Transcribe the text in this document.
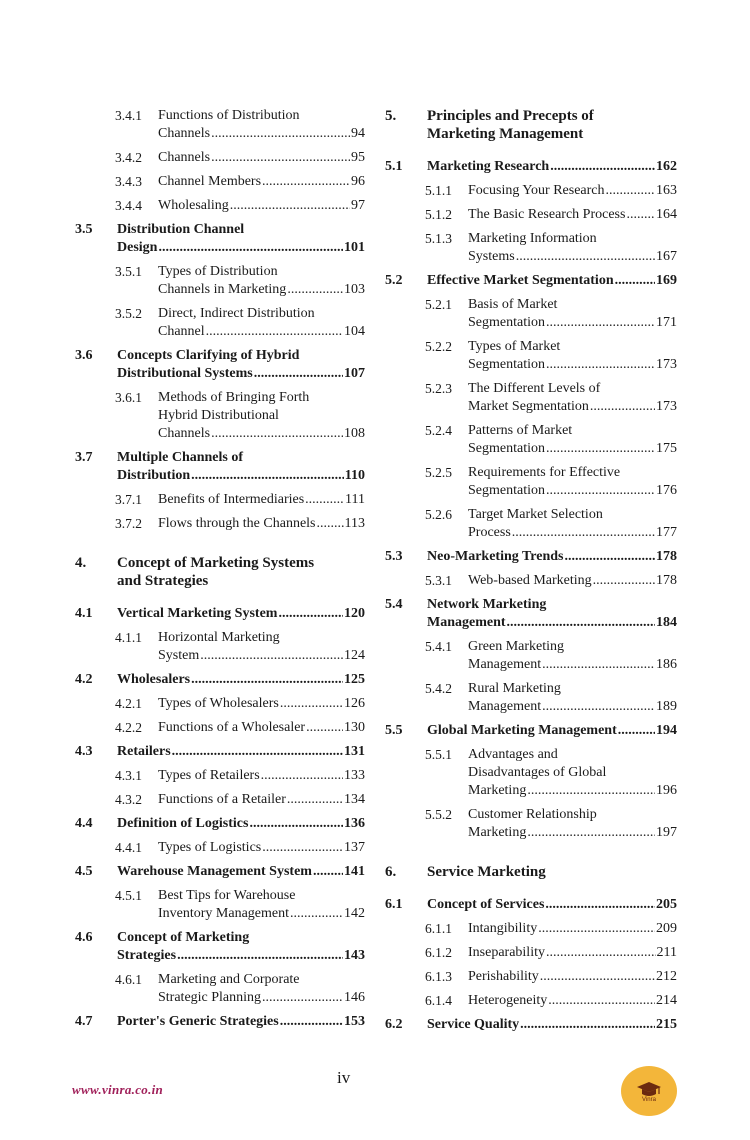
3.4.1 Functions of Distribution
Channels .....	94
3.4.2 Channels .....	95
3.4.3 Channel Members .....	96
3.4.4 Wholesaling .....	97
3.5 Distribution Channel
Design .....	101
3.5.1 Types of Distribution
Channels in Marketing .....	103
3.5.2 Direct, Indirect Distribution
Channel .....	104
3.6 Concepts Clarifying of Hybrid
Distributional Systems .....	107
3.6.1 Methods of Bringing Forth
Hybrid Distributional
Channels .....	108
3.7 Multiple Channels of
Distribution .....	110
3.7.1 Benefits of Intermediaries .....	111
3.7.2 Flows through the Channels ..... 113
4. Concept of Marketing Systems
and Strategies
4.1 Vertical Marketing System .....	120
4.1.1 Horizontal Marketing
System .....	124
4.2 Wholesalers .....	125
4.2.1 Types of Wholesalers .....	126
4.2.2 Functions of a Wholesaler .....	130
4.3 Retailers .....	131
4.3.1 Types of Retailers .....	133
4.3.2 Functions of a Retailer .....	134
4.4 Definition of Logistics .....	136
4.4.1 Types of Logistics .....	137
4.5 Warehouse Management System ..... 141
4.5.1 Best Tips for Warehouse
Inventory Management .....	142
4.6 Concept of Marketing
Strategies .....	143
4.6.1 Marketing and Corporate
Strategic Planning .....	146
4.7 Porter's Generic Strategies .....	153
5. Principles and Precepts of
Marketing Management
5.1 Marketing Research .....	162
5.1.1 Focusing Your Research .....	163
5.1.2 The Basic Research Process ..... 164
5.1.3 Marketing Information
Systems .....	167
5.2 Effective Market Segmentation .....	169
5.2.1 Basis of Market
Segmentation .....	171
5.2.2 Types of Market
Segmentation .....	173
5.2.3 The Different Levels of
Market Segmentation .....	173
5.2.4 Patterns of Market
Segmentation .....	175
5.2.5 Requirements for Effective
Segmentation .....	176
5.2.6 Target Market Selection
Process .....	177
5.3 Neo-Marketing Trends .....	178
5.3.1 Web-based Marketing .....	178
5.4 Network Marketing
Management .....	184
5.4.1 Green Marketing
Management .....	186
5.4.2 Rural Marketing
Management .....	189
5.5 Global Marketing Management .....	194
5.5.1 Advantages and
Disadvantages of Global
Marketing .....	196
5.5.2 Customer Relationship
Marketing .....	197
6. Service Marketing
6.1 Concept of Services .....	205
6.1.1 Intangibility .....	209
6.1.2 Inseparability .....	211
6.1.3 Perishability .....	212
6.1.4 Heterogeneity .....	214
6.2 Service Quality .....	215
www.vinra.co.in
iv
Vinra
